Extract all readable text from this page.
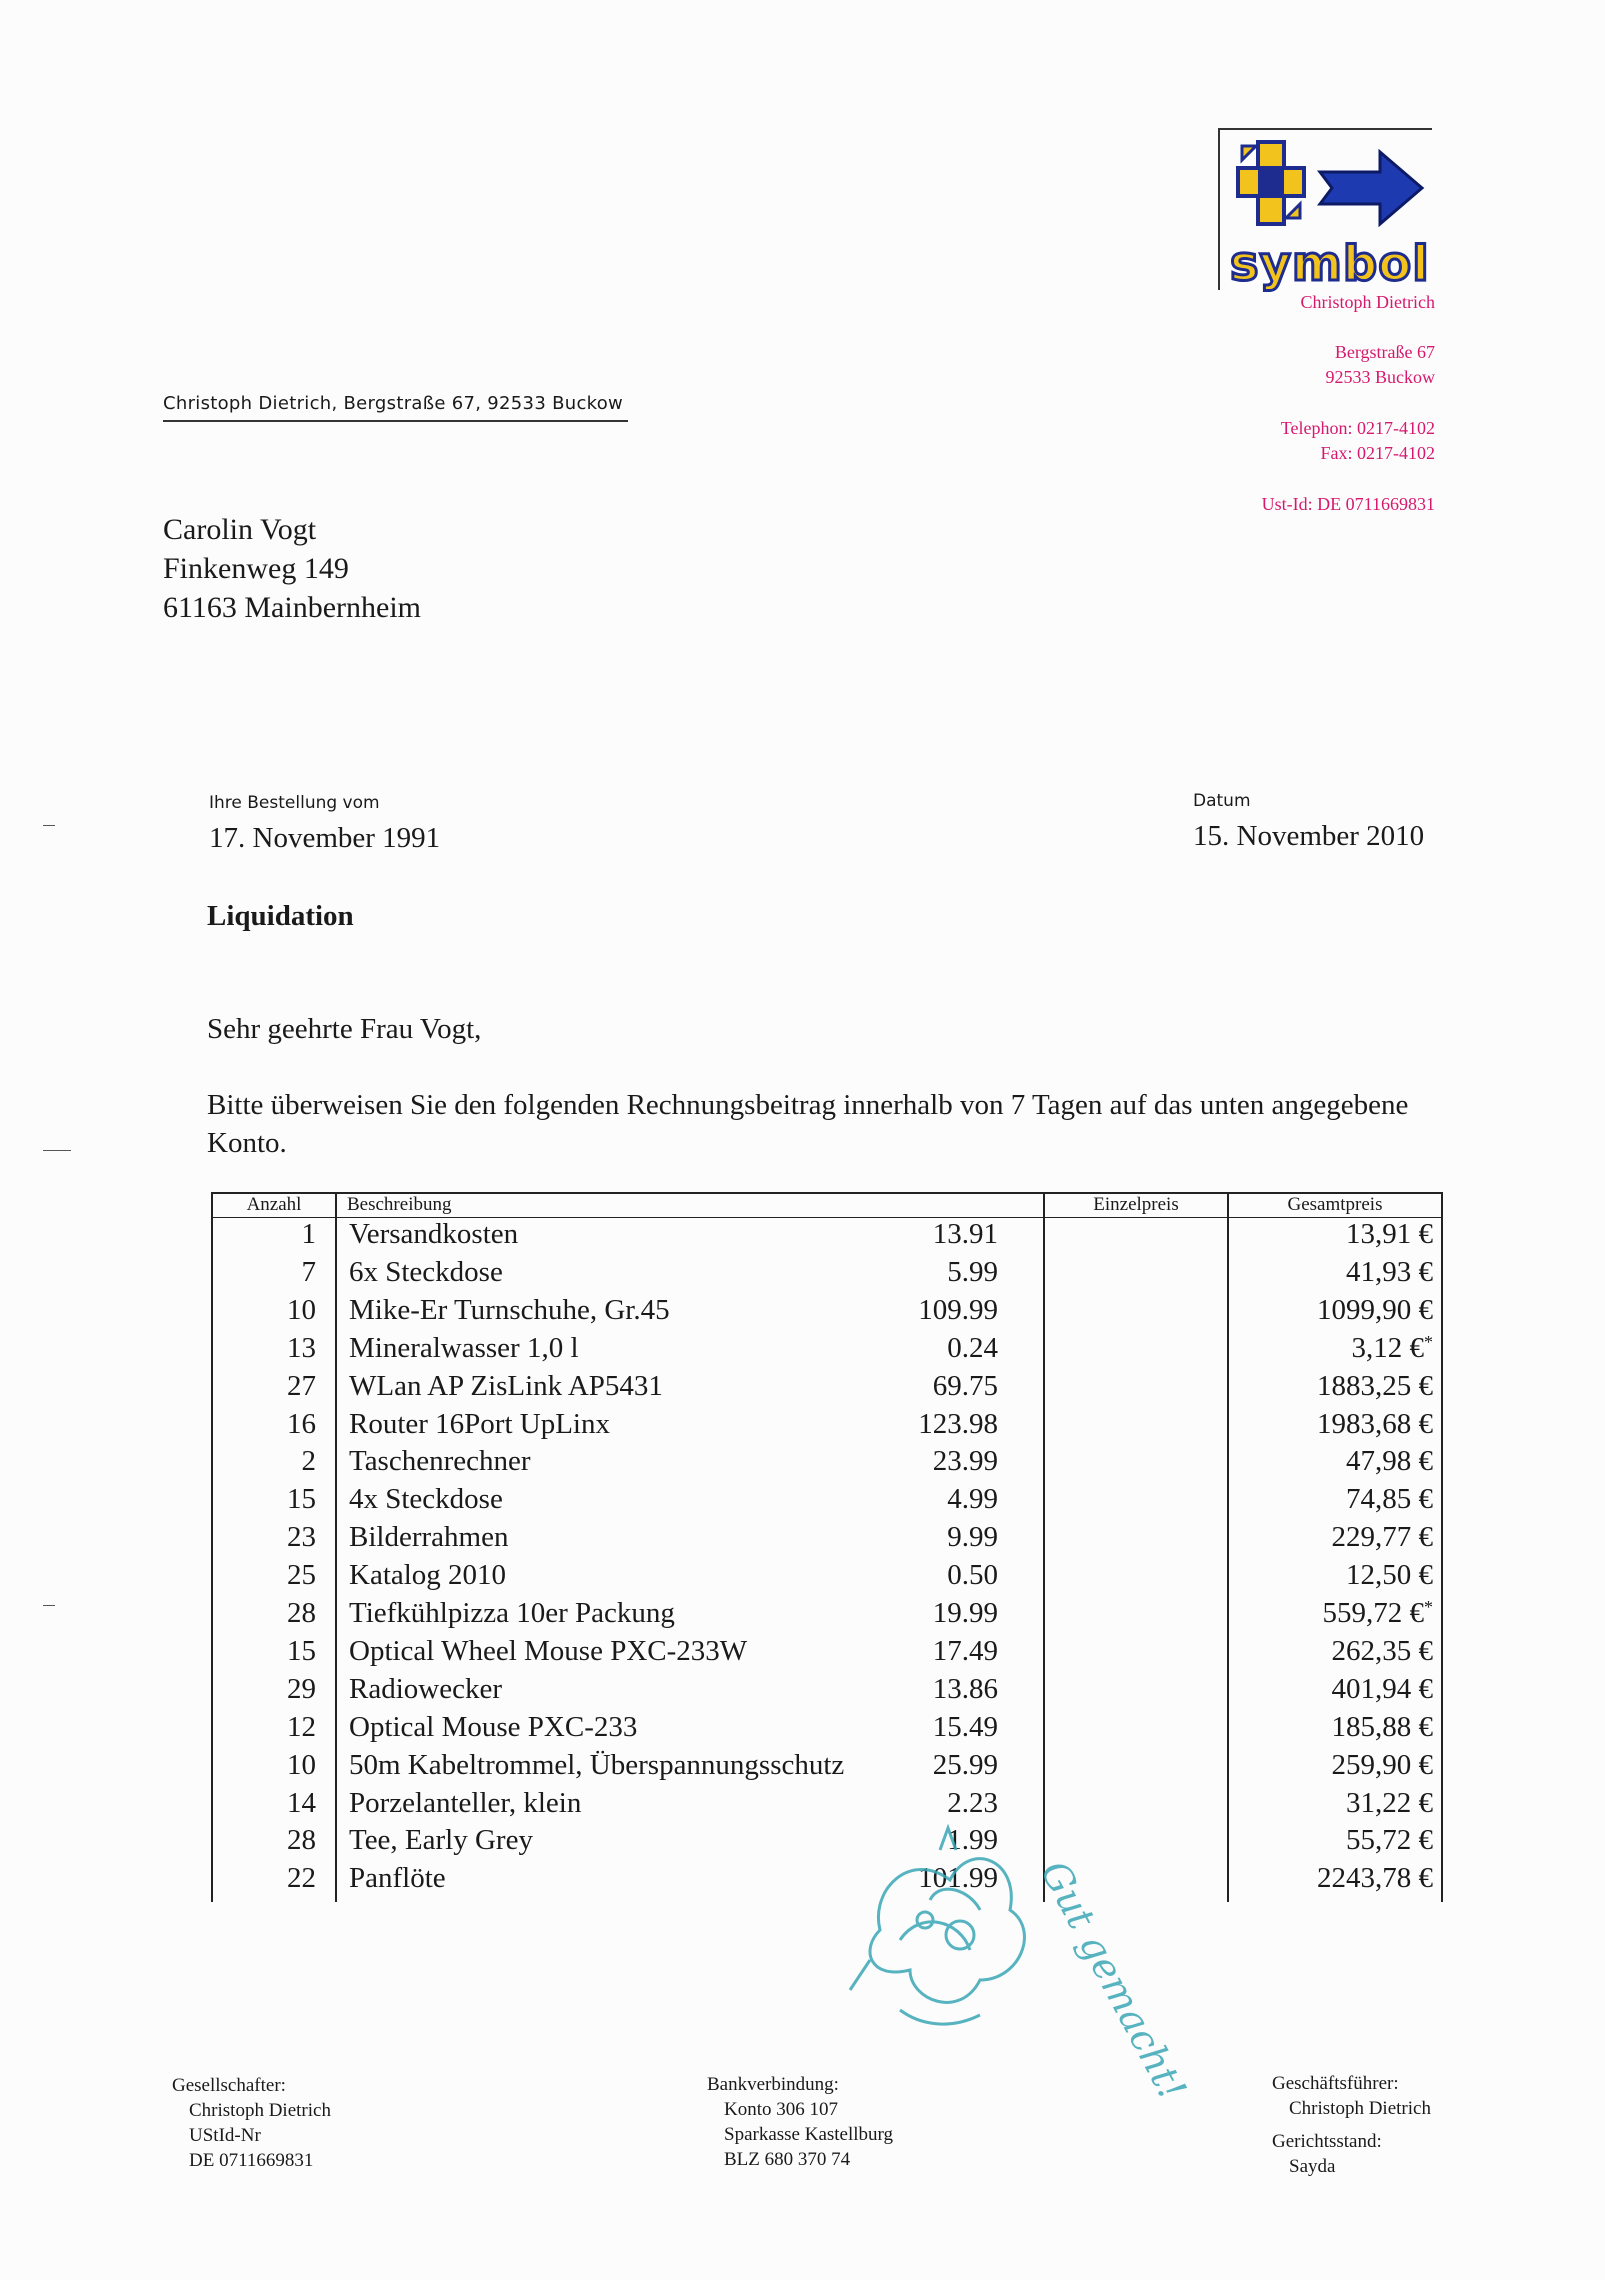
symbol
Christoph Dietrich, Bergstraße 67, 92533 Buckow
Christoph Dietrich
Bergstraße 67
92533 Buckow
Telephon: 0217-4102
Fax: 0217-4102
Ust-Id: DE 0711669831
Carolin Vogt
Finkenweg 149
61163 Mainbernheim
Ihre Bestellung vom
17. November 1991
Datum
15. November 2010
Liquidation
Sehr geehrte Frau Vogt,
Bitte überweisen Sie den folgenden Rechnungsbeitrag innerhalb von 7 Tagen auf das unten angegebene Konto.
Anzahl	Beschreibung	Einzelpreis	Gesamtpreis
1 Versandkosten	13.91	13,91 €
7 6x Steckdose	5.99	41,93 €
10 Mike-Er Turnschuhe, Gr.45	109.99	1099,90 €
13 Mineralwasser 1,0 l	0.24	3,12 €*
27 WLan AP ZisLink AP5431	69.75	1883,25 €
16 Router 16Port UpLinx	123.98	1983,68 €
2 Taschenrechner	23.99	47,98 €
15 4x Steckdose	4.99	74,85 €
23 Bilderrahmen	9.99	229,77 €
25 Katalog 2010	0.50	12,50 €
28 Tiefkühlpizza 10er Packung	19.99	559,72 €*
15 Optical Wheel Mouse PXC-233W	17.49	262,35 €
29 Radiowecker	13.86	401,94 €
12 Optical Mouse PXC-233	15.49	185,88 €
10 50m Kabeltrommel, Überspannungsschutz	25.99	259,90 €
14 Porzelanteller, klein	2.23	31,22 €
28 Tee, Early Grey	1.99	55,72 €
22 Panflöte	101.99	2243,78 €
Gut gemacht!
Gesellschafter:
Christoph Dietrich
UStId-Nr
DE 0711669831
Bankverbindung:
Konto 306 107
Sparkasse Kastellburg
BLZ 680 370 74
Geschäftsführer:
Christoph Dietrich
Gerichtsstand:
Sayda
